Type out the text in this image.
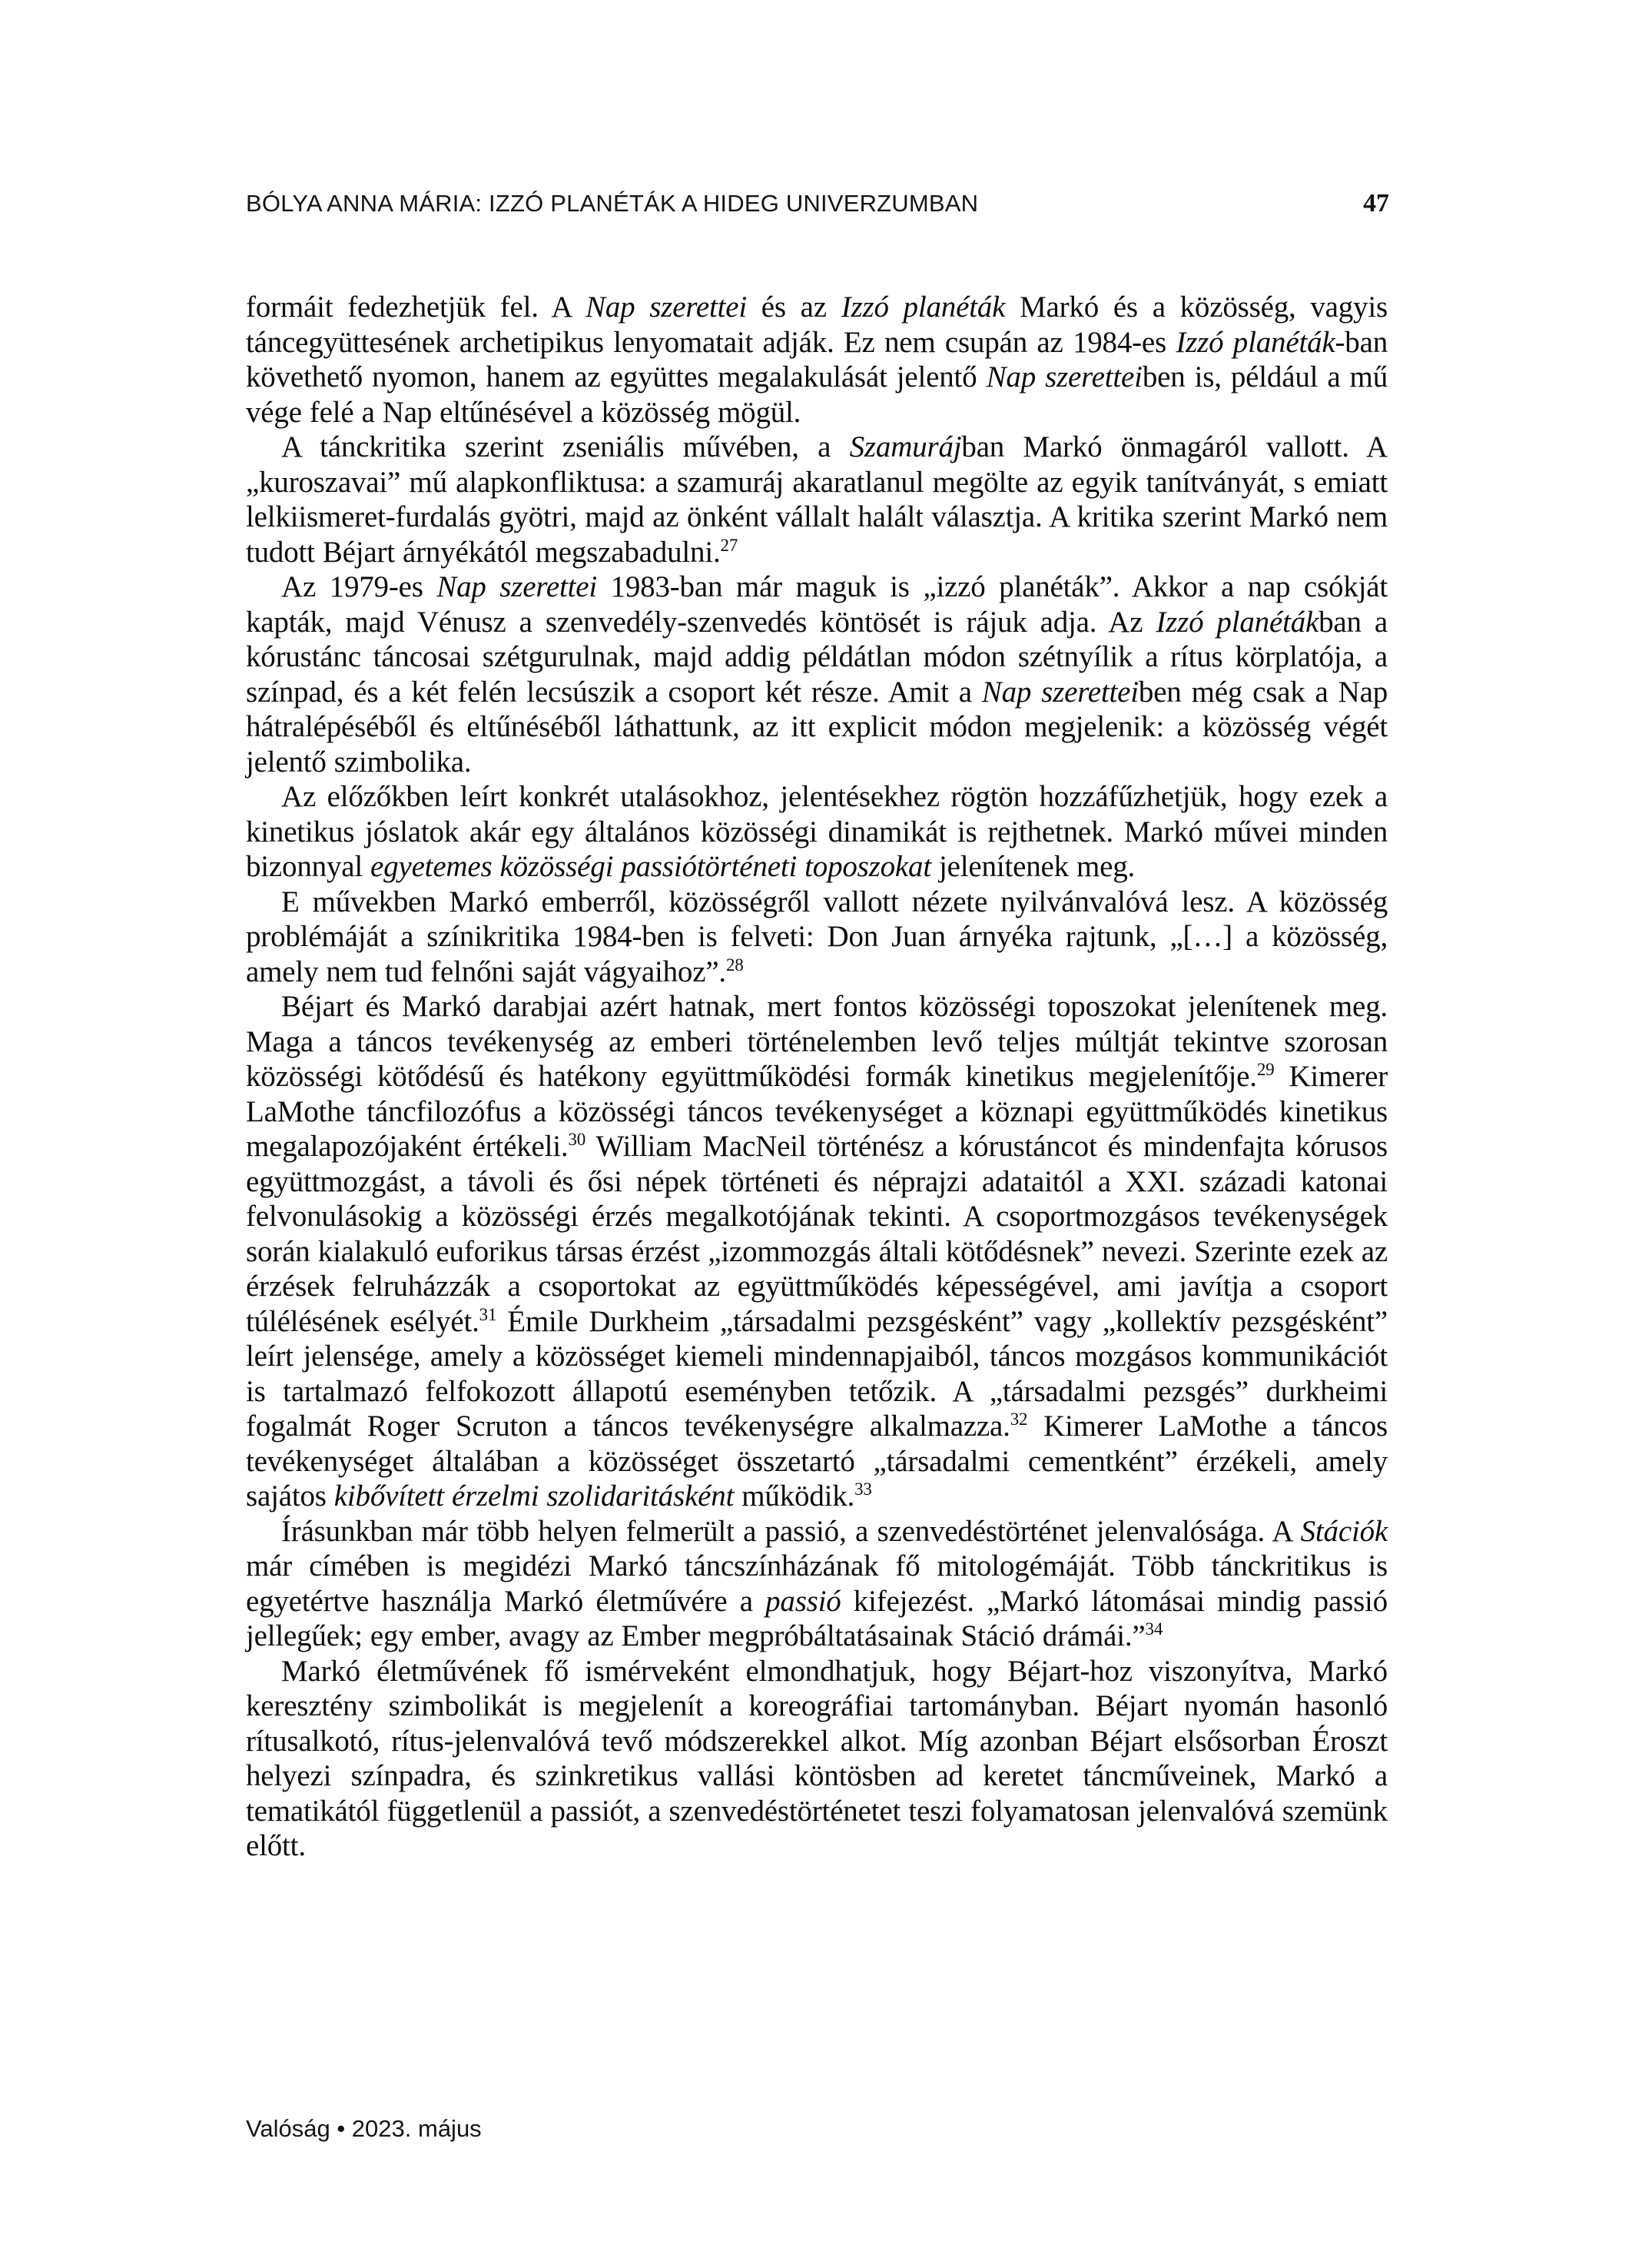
BÓLYA ANNA MÁRIA: IZZÓ PLANÉTÁK A HIDEG UNIVERZUMBAN	47

formáit fedezhetjük fel. A Nap szerettei és az Izzó planéták Markó és a közösség, vagyis táncegyüttesének archetipikus lenyomatait adják. Ez nem csupán az 1984-es Izzó planéták-ban követhető nyomon, hanem az együttes megalakulását jelentő Nap szeretteiben is, például a mű vége felé a Nap eltűnésével a közösség mögül.

A tánckritika szerint zseniális művében, a Szamurájban Markó önmagáról vallott. A „kuroszavai” mű alapkonfliktusa: a szamuráj akaratlanul megölte az egyik tanítványát, s emiatt lelkiismeret-furdalás gyötri, majd az önként vállalt halált választja. A kritika szerint Markó nem tudott Béjart árnyékától megszabadulni.$^{27}$

Az 1979-es Nap szerettei 1983-ban már maguk is „izzó planéták”. Akkor a nap csókját kapták, majd Vénusz a szenvedély-szenvedés köntösét is rájuk adja. Az Izzó planétákban a kórustánc táncosai szétgurulnak, majd addig példátlan módon szétnyílik a rítus körplatója, a színpad, és a két felén lecsúszik a csoport két része. Amit a Nap szeretteiben még csak a Nap hátralépéséből és eltűnéséből láthattunk, az itt explicit módon megjelenik: a közösség végét jelentő szimbolika.

Az előzőkben leírt konkrét utalásokhoz, jelentésekhez rögtön hozzáfűzhetjük, hogy ezek a kinetikus jóslatok akár egy általános közösségi dinamikát is rejthetnek. Markó művei minden bizonnyal egyetemes közösségi passiótörténeti toposzokat jelenítenek meg.

E művekben Markó emberről, közösségről vallott nézete nyilvánvalóvá lesz. A közösség problémáját a színikritika 1984-ben is felveti: Don Juan árnyéka rajtunk, „[…] a közösség, amely nem tud felnőni saját vágyaihoz”.$^{28}$

Béjart és Markó darabjai azért hatnak, mert fontos közösségi toposzokat jelenítenek meg. Maga a táncos tevékenység az emberi történelemben levő teljes múltját tekintve szorosan közösségi kötődésű és hatékony együttműködési formák kinetikus megjelenítője.$^{29}$ Kimerer LaMothe táncfilozófus a közösségi táncos tevékenységet a köznapi együttműködés kinetikus megalapozójaként értékeli.$^{30}$ William MacNeil történész a kórustáncot és mindenfajta kórusos együttmozgást, a távoli és ősi népek történeti és néprajzi adataitól a XXI. századi katonai felvonulásokig a közösségi érzés megalkotójának tekinti. A csoportmozgásos tevékenységek során kialakuló euforikus társas érzést „izommozgás általi kötődésnek” nevezi. Szerinte ezek az érzések felruházzák a csoportokat az együttműködés képességével, ami javítja a csoport túlélésének esélyét.$^{31}$ Émile Durkheim „társadalmi pezsgésként” vagy „kollektív pezsgésként” leírt jelensége, amely a közösséget kiemeli mindennapjaiból, táncos mozgásos kommunikációt is tartalmazó felfokozott állapotú eseményben tetőzik. A „társadalmi pezsgés” durkheimi fogalmát Roger Scruton a táncos tevékenységre alkalmazza.$^{32}$ Kimerer LaMothe a táncos tevékenységet általában a közösséget összetartó „társadalmi cementként” érzékeli, amely sajátos kibővített érzelmi szolidaritásként működik.$^{33}$

Írásunkban már több helyen felmerült a passió, a szenvedéstörténet jelenvalósága. A Stációk már címében is megidézi Markó táncszínházának fő mitologémáját. Több tánckritikus is egyetértve használja Markó életművére a passió kifejezést. „Markó látomásai mindig passió jellegűek; egy ember, avagy az Ember megpróbáltatásainak Stáció drámái.”$^{34}$

Markó életművének fő ismérveként elmondhatjuk, hogy Béjart-hoz viszonyítva, Markó keresztény szimbolikát is megjelenít a koreográfiai tartományban. Béjart nyomán hasonló rítusalkotó, rítus-jelenvalóvá tevő módszerekkel alkot. Míg azonban Béjart elsősorban Éroszt helyezi színpadra, és szinkretikus vallási köntösben ad keretet táncműveinek, Markó a tematikától függetlenül a passiót, a szenvedéstörténetet teszi folyamatosan jelenvalóvá szemünk előtt.

Valóság • 2023. május
